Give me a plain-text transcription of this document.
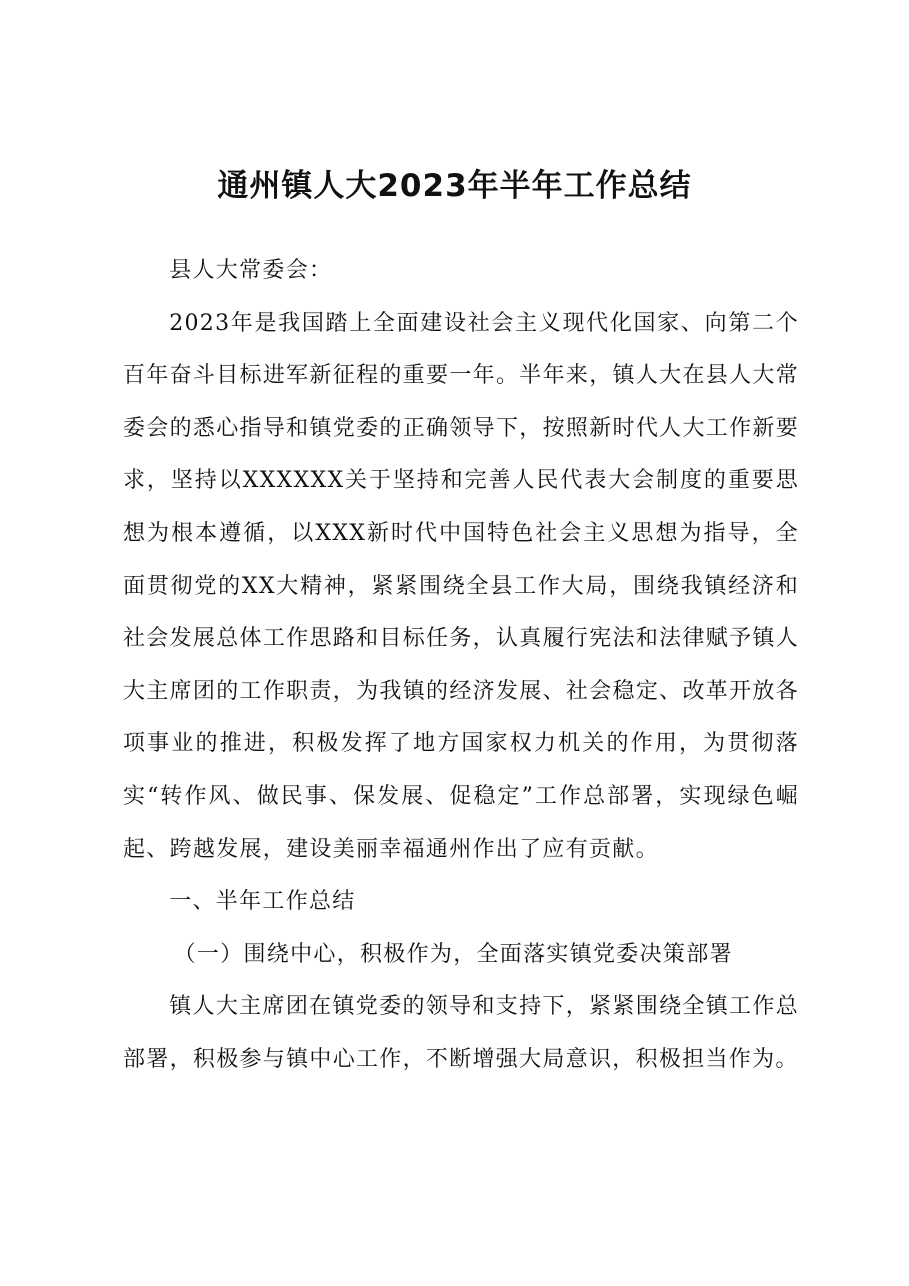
通州镇人大2023年半年工作总结

县人大常委会：

2023年是我国踏上全面建设社会主义现代化国家、向第二个百年奋斗目标进军新征程的重要一年。半年来，镇人大在县人大常委会的悉心指导和镇党委的正确领导下，按照新时代人大工作新要求，坚持以XXXXXX关于坚持和完善人民代表大会制度的重要思想为根本遵循，以XXX新时代中国特色社会主义思想为指导，全面贯彻党的XX大精神，紧紧围绕全县工作大局，围绕我镇经济和社会发展总体工作思路和目标任务，认真履行宪法和法律赋予镇人大主席团的工作职责，为我镇的经济发展、社会稳定、改革开放各项事业的推进，积极发挥了地方国家权力机关的作用，为贯彻落实“转作风、做民事、保发展、促稳定”工作总部署，实现绿色崛起、跨越发展，建设美丽幸福通州作出了应有贡献。

一、半年工作总结

（一）围绕中心，积极作为，全面落实镇党委决策部署

镇人大主席团在镇党委的领导和支持下，紧紧围绕全镇工作总部署，积极参与镇中心工作，不断增强大局意识，积极担当作为。
